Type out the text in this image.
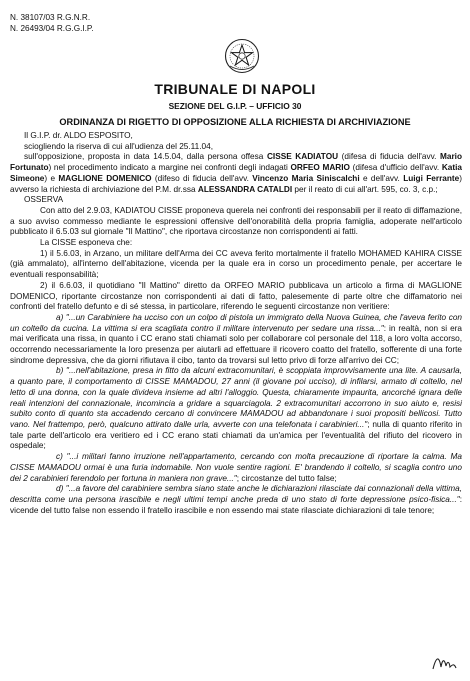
N. 38107/03 R.G.N.R.
N. 26493/04 R.G.G.I.P.
TRIBUNALE DI NAPOLI
SEZIONE DEL G.I.P. – UFFICIO 30
ORDINANZA DI RIGETTO DI OPPOSIZIONE ALLA RICHIESTA DI ARCHIVIAZIONE

Il G.I.P. dr. ALDO ESPOSITO,

sciogliendo la riserva di cui all'udienza del 25.11.04,

sull'opposizione, proposta in data 14.5.04, dalla persona offesa CISSE KADIATOU (difesa di fiducia dell'avv. Mario Fortunato) nel procedimento indicato a margine nei confronti degli indagati ORFEO MARIO (difesa d'ufficio dell'avv. Katia Simeone) e MAGLIONE DOMENICO (difeso di fiducia dell'avv. Vincenzo Maria Siniscalchi e dell'avv. Luigi Ferrante) avverso la richiesta di archiviazione del P.M. dr.ssa ALESSANDRA CATALDI per il reato di cui all'art. 595, co. 3, c.p.;

OSSERVA

Con atto del 2.9.03, KADIATOU CISSE proponeva querela nei confronti dei responsabili per il reato di diffamazione, a suo avviso commesso mediante le espressioni offensive dell'onorabilità della propria famiglia, adoperate nell'articolo pubblicato il 6.5.03 sul giornale "Il Mattino", che riportava circostanze non corrispondenti ai fatti.

La CISSE esponeva che:

1) il 5.6.03, in Arzano, un militare dell'Arma dei CC aveva ferito mortalmente il fratello MOHAMED KAHIRA CISSE (già ammalato), all'interno dell'abitazione, vicenda per la quale era in corso un procedimento penale, per accertare le eventuali responsabilità;

2) il 6.6.03, il quotidiano "Il Mattino" diretto da ORFEO MARIO pubblicava un articolo a firma di MAGLIONE DOMENICO, riportante circostanze non corrispondenti ai dati di fatto, palesemente di parte oltre che diffamatorio nei confronti del fratello defunto e di sé stessa, in particolare, riferendo le seguenti circostanze non veritiere:

a) "...un Carabiniere ha ucciso con un colpo di pistola un immigrato della Nuova Guinea, che l'aveva ferito con un coltello da cucina. La vittima si era scagliata contro il militare intervenuto per sedare una rissa...": in realtà, non si era mai verificata una rissa, in quanto i CC erano stati chiamati solo per collaborare col personale del 118, a loro volta accorso, occorrendo necessariamente la loro presenza per aiutarli ad effettuare il ricovero coatto del fratello, sofferente di una forte sindrome depressiva, che da giorni rifiutava il cibo, tanto da trovarsi sul letto privo di forze all'arrivo dei CC;

b) "...nell'abitazione, presa in fitto da alcuni extracomunitari, è scoppiata improvvisamente una lite. A causarla, a quanto pare, il comportamento di CISSE MAMADOU, 27 anni (il giovane poi ucciso), di infilarsi, armato di coltello, nel letto di una donna, con la quale divideva insieme ad altri l'alloggio. Questa, chiaramente impaurita, ancorché ignara delle reali intenzioni del connazionale, incomincia a gridare a squarciagola. 2 extracomunitari accorrono in suo aiuto e, resisi subito conto di quanto sta accadendo cercano di convincere MAMADOU ad abbandonare i suoi propositi bellicosi. Tutto vano. Nel frattempo, però, qualcuno attirato dalle urla, avverte con una telefonata i carabinieri..."; nulla di quanto riferito in tale parte dell'articolo era veritiero ed i CC erano stati chiamati da un'amica per l'eventualità del rifiuto del ricovero in ospedale;

c) "...i militari fanno irruzione nell'appartamento, cercando con molta precauzione di riportare la calma. Ma CISSE MAMADOU ormai è una furia indomabile. Non vuole sentire ragioni. E' brandendo il coltello, si scaglia contro uno dei 2 carabinieri ferendolo per fortuna in maniera non grave..."; circostanze del tutto false;

d) "...a favore del carabiniere sembra siano state anche le dichiarazioni rilasciate dai connazionali della vittima, descritta come una persona irascibile e negli ultimi tempi anche preda di uno stato di forte depressione psico-fisica...": vicende del tutto false non essendo il fratello irascibile e non essendo mai state rilasciate dichiarazioni di tale tenore;
